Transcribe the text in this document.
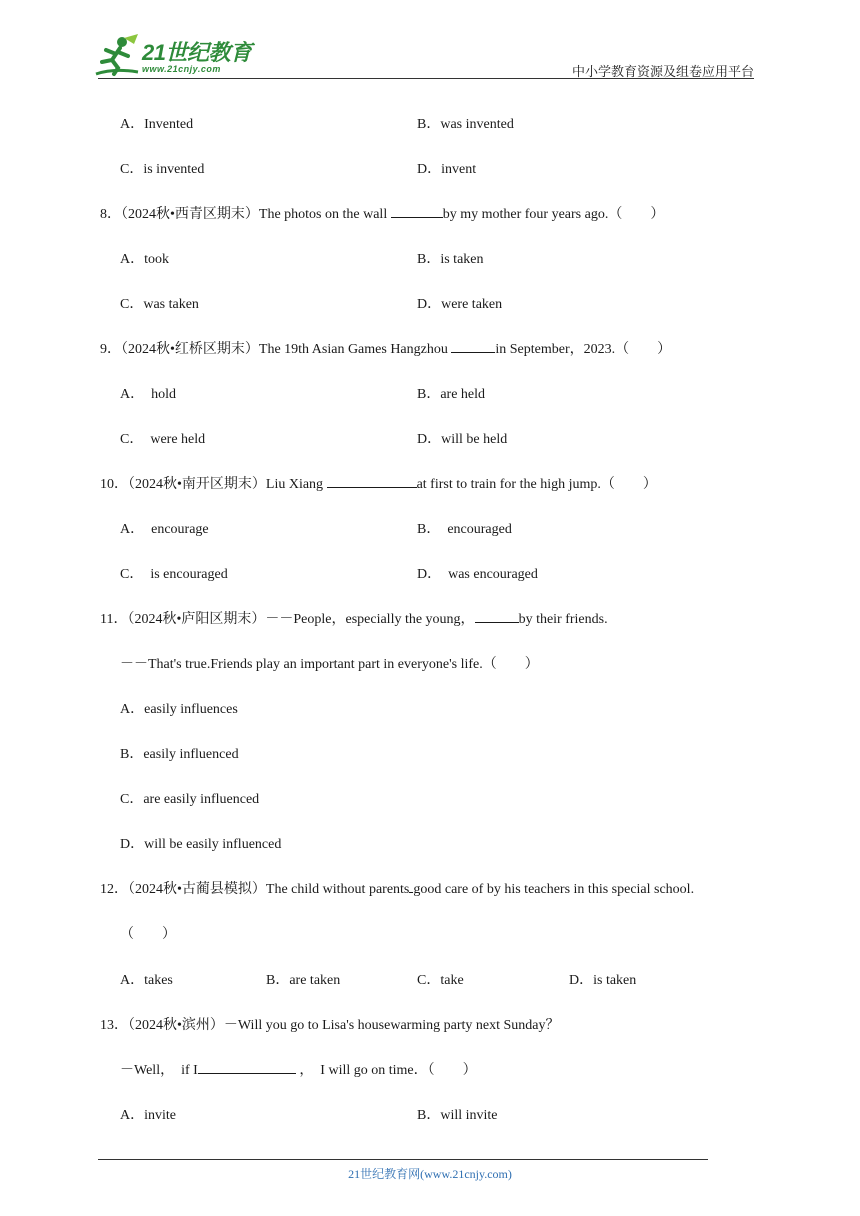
21世纪教育
www.21cnjy.com	中小学教育资源及组卷应用平台
A．Invented	B．was invented
C．is invented	D．invent
8．（2024秋•西青区期末）The photos on the wall	by my mother four years ago.（　　）
A．took	B．is taken
C．was taken	D．were taken
9．（2024秋•红桥区期末）The 19th Asian Games Hangzhou	in September，2023.（　　）
A．　hold	B．are held
C．　were held	D．will be held
10．（2024秋•南开区期末）Liu Xiang	at first to train for the high jump.（　　）
A．　encourage	B．　encouraged
C．　is encouraged	D．　was encouraged
11．（2024秋•庐阳区期末）－－People，especially the young，	by their friends.
－－That's true.Friends play an important part in everyone's life.（　　）
A．easily influences
B．easily influenced
C．are easily influenced
D．will be easily influenced
12．（2024秋•古蔺县模拟）The child without parents good care of by his teachers in this special school.
（　　）
A．takes	B．are taken	C．take	D．is taken
13．（2024秋•滨州）－Will you go to Lisa's housewarming party next Sunday？
－Well，　if I	，　I will go on time．（　　）
A．invite	B．will invite
21世纪教育网(www.21cnjy.com)
